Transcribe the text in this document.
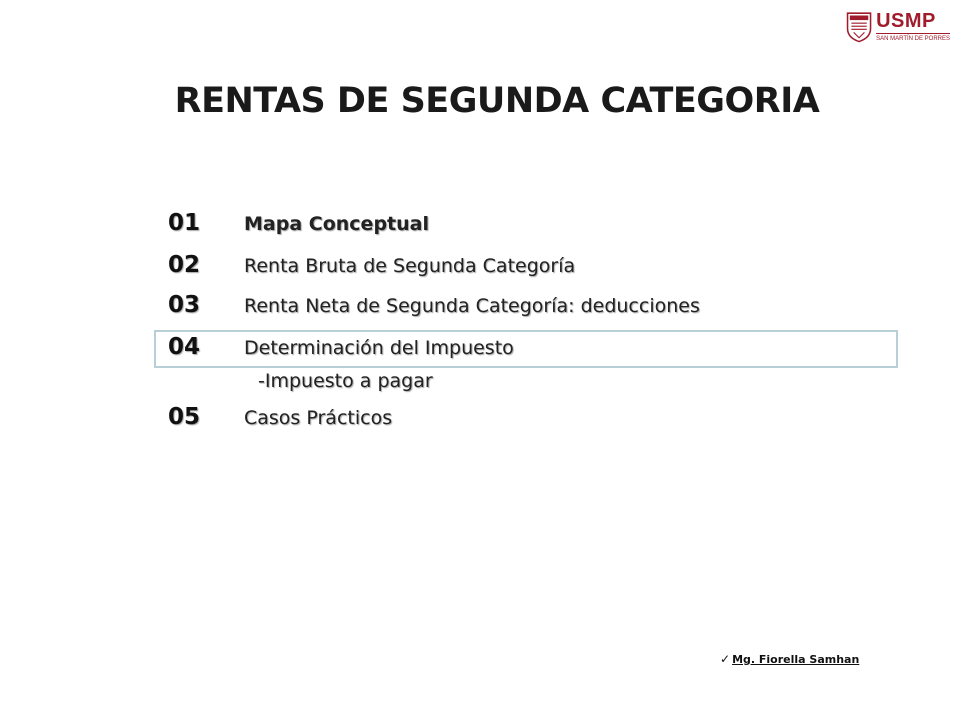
USMP
SAN MARTÍN DE PORRES
RENTAS DE SEGUNDA CATEGORIA
01	Mapa Conceptual
02	Renta Bruta de Segunda Categoría
03	Renta Neta de Segunda Categoría: deducciones
04	Determinación del Impuesto
-Impuesto a pagar
05	Casos Prácticos
✓ Mg. Fiorella Samhan
